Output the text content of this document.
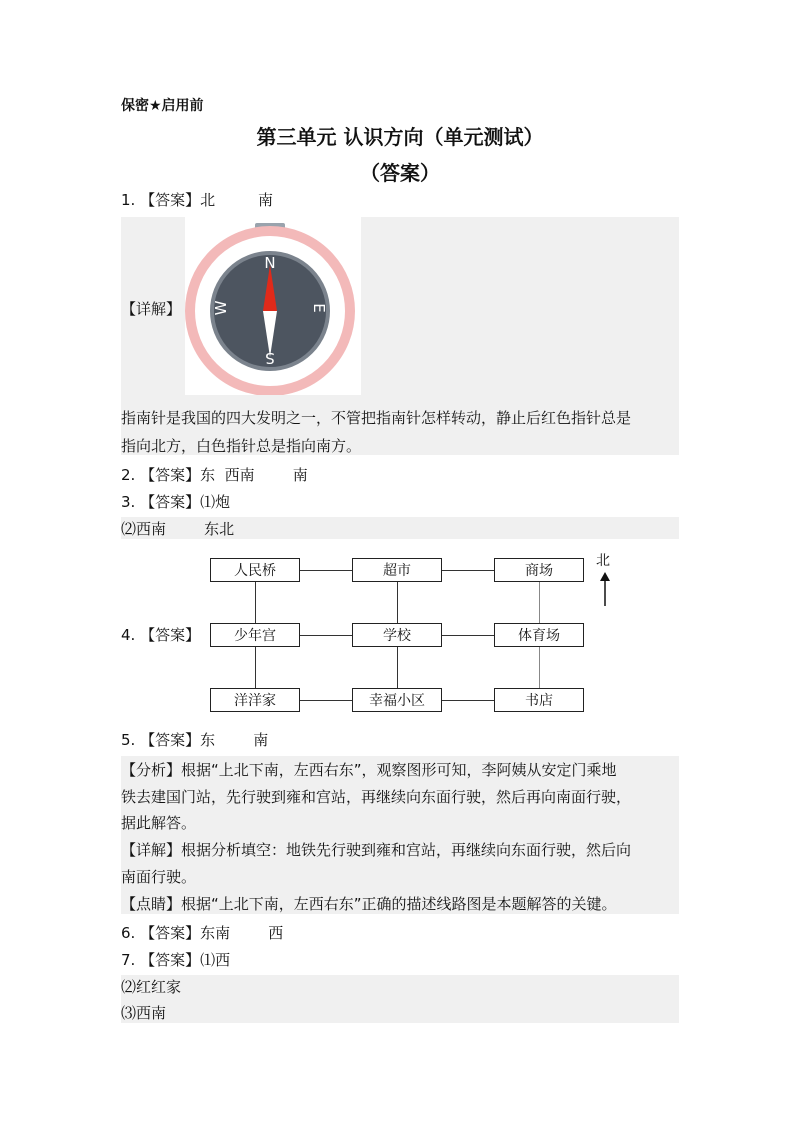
保密★启用前
第三单元 认识方向（单元测试）
（答案）
1. 【答案】北         南
N
E
S
W
【详解】
指南针是我国的四大发明之一，不管把指南针怎样转动，静止后红色指针总是
指向北方，白色指针总是指向南方。
2. 【答案】东  西南        南
3. 【答案】⑴炮
⑵西南        东北
4. 【答案】
人民桥	超市	商场
少年宫	学校	体育场
洋洋家	幸福小区	书店
北
5. 【答案】东        南
【分析】根据“上北下南，左西右东”，观察图形可知，李阿姨从安定门乘地
铁去建国门站，先行驶到雍和宫站，再继续向东面行驶，然后再向南面行驶，
据此解答。
【详解】根据分析填空：地铁先行驶到雍和宫站，再继续向东面行驶，然后向
南面行驶。
【点睛】根据“上北下南，左西右东”正确的描述线路图是本题解答的关键。
6. 【答案】东南        西
7. 【答案】⑴西
⑵红红家
⑶西南
